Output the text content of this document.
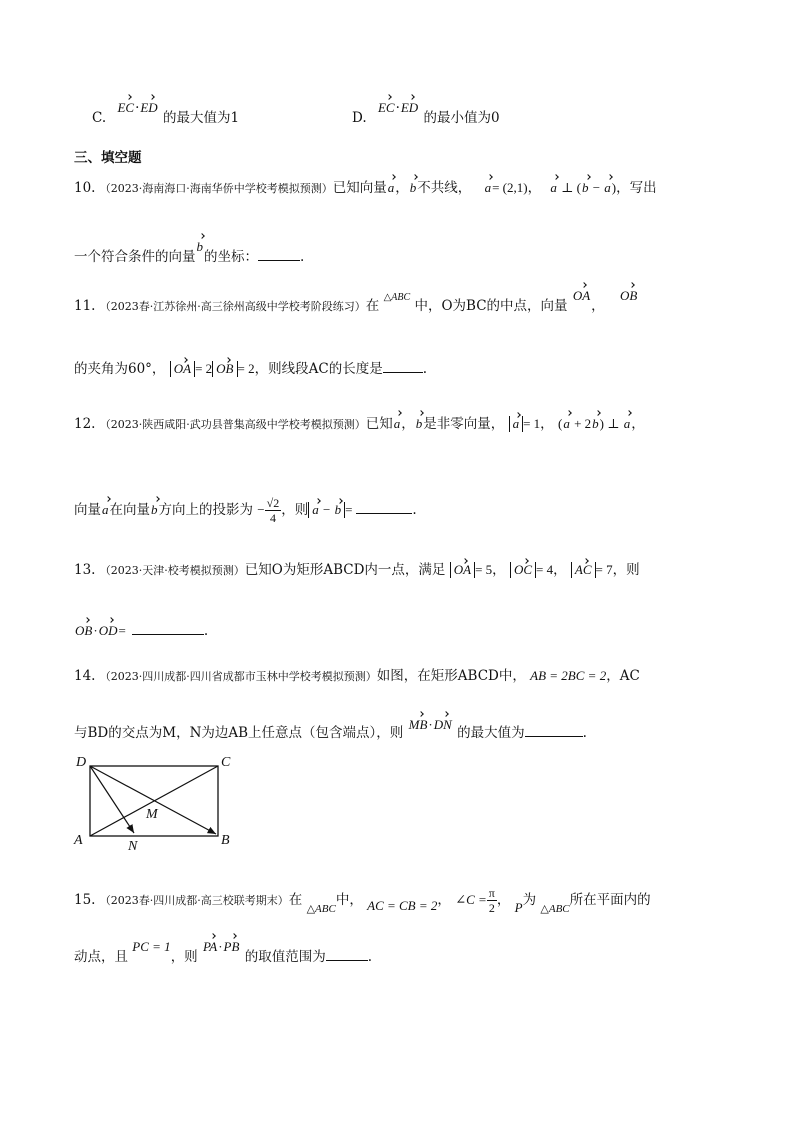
C. EC·ED 的最大值为1	D. EC·ED 的最小值为0
三、填空题
10. （2023·海南海口·海南华侨中学校考模拟预测）已知向量a，b不共线， a= (2,1)， a ⊥ (b − a)，写出
一个符合条件的向量b的坐标：	.
11. （2023春·江苏徐州·高三徐州高级中学校考阶段练习）在 $^{\triangle ABC}$ 中，O为BC的中点，向量 OA， OB
的夹角为60°， OA = 2 OB = 2，则线段AC的长度是	.
12. （2023·陕西咸阳·武功县普集高级中学校考模拟预测）已知a，b是非零向量， a = 1， (a + 2b) ⊥ a，
向量a在向量b方向上的投影为 − $\frac{√2}{4}$ ，则 a − b =	.
13. （2023·天津·校考模拟预测）已知O为矩形ABCD内一点，满足 OA = 5， OC = 4， AC = 7，则
OB·OD=	.
14. （2023·四川成都·四川省成都市玉林中学校考模拟预测）如图，在矩形ABCD中， AB = 2BC = 2，AC
与BD的交点为M，N为边AB上任意点（包含端点），则 MB·DN 的最大值为	.
D	C
M
A	N	B
15. （2023春·四川成都·高三校联考期末）在 $_{\triangle ABC}$中， AC = CB = 2， ∠C = $\frac{\pi}{2}$ ， P为 $_{\triangle ABC}$所在平面内的
动点，且 PC = 1，则 PA·PB 的取值范围为	.
